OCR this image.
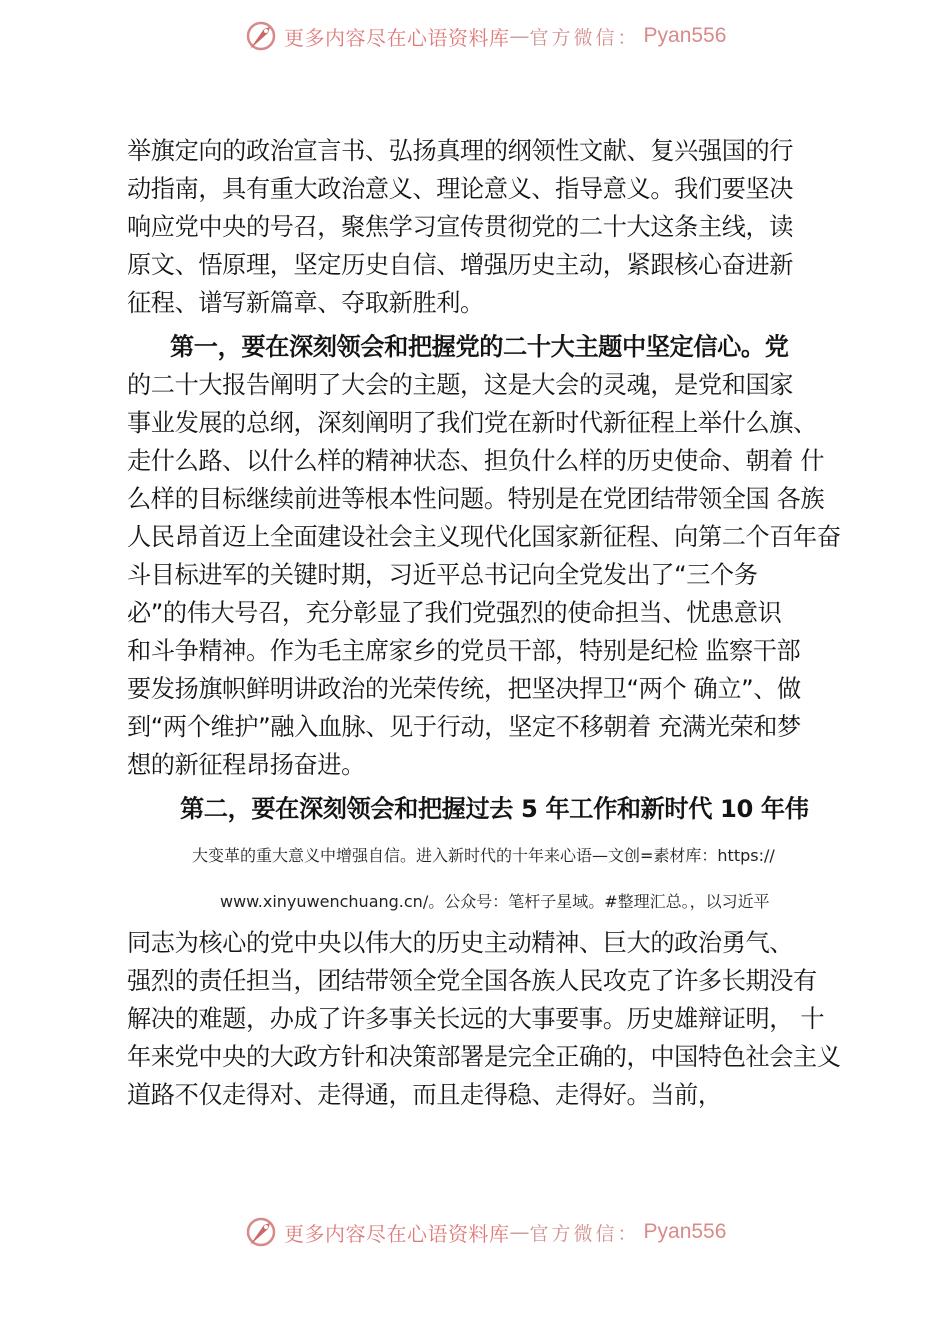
更多内容尽在心语资料库 — 官方微信： Pyan556
举旗定向的政治宣言书、弘扬真理的纲领性文献、复兴强国的行
动指南，具有重大政治意义、理论意义、指导意义。我们要坚决
响应党中央的号召，聚焦学习宣传贯彻党的二十大这条主线，读
原文、悟原理，坚定历史自信、增强历史主动，紧跟核心奋进新
征程、谱写新篇章、夺取新胜利。
第一，要在深刻领会和把握党的二十大主题中坚定信心。党
的二十大报告阐明了大会的主题，这是大会的灵魂，是党和国家
事业发展的总纲，深刻阐明了我们党在新时代新征程上举什么旗、
走什么路、以什么样的精神状态、担负什么样的历史使命、朝着 什
么样的目标继续前进等根本性问题。特别是在党团结带领全国 各族
人民昂首迈上全面建设社会主义现代化国家新征程、向第二个百年奋
斗目标进军的关键时期，习近平总书记向全党发出了“三个务
必”的伟大号召，充分彰显了我们党强烈的使命担当、忧患意识
和斗争精神。作为毛主席家乡的党员干部，特别是纪检 监察干部
要发扬旗帜鲜明讲政治的光荣传统，把坚决捍卫“两个 确立”、做
到“两个维护”融入血脉、见于行动，坚定不移朝着 充满光荣和梦
想的新征程昂扬奋进。
第二，要在深刻领会和把握过去 5 年工作和新时代 10 年伟
大变革的重大意义中增强自信。进入新时代的十年来心语—文创=素材库：https://
www.xinyuwenchuang.cn/。公众号：笔杆子星域。#整理汇总。，以习近平
同志为核心的党中央以伟大的历史主动精神、巨大的政治勇气、
强烈的责任担当，团结带领全党全国各族人民攻克了许多长期没有
解决的难题，办成了许多事关长远的大事要事。历史雄辩证明， 十
年来党中央的大政方针和决策部署是完全正确的，中国特色社会主义
道路不仅走得对、走得通，而且走得稳、走得好。当前，
更多内容尽在心语资料库 — 官方微信： Pyan556
